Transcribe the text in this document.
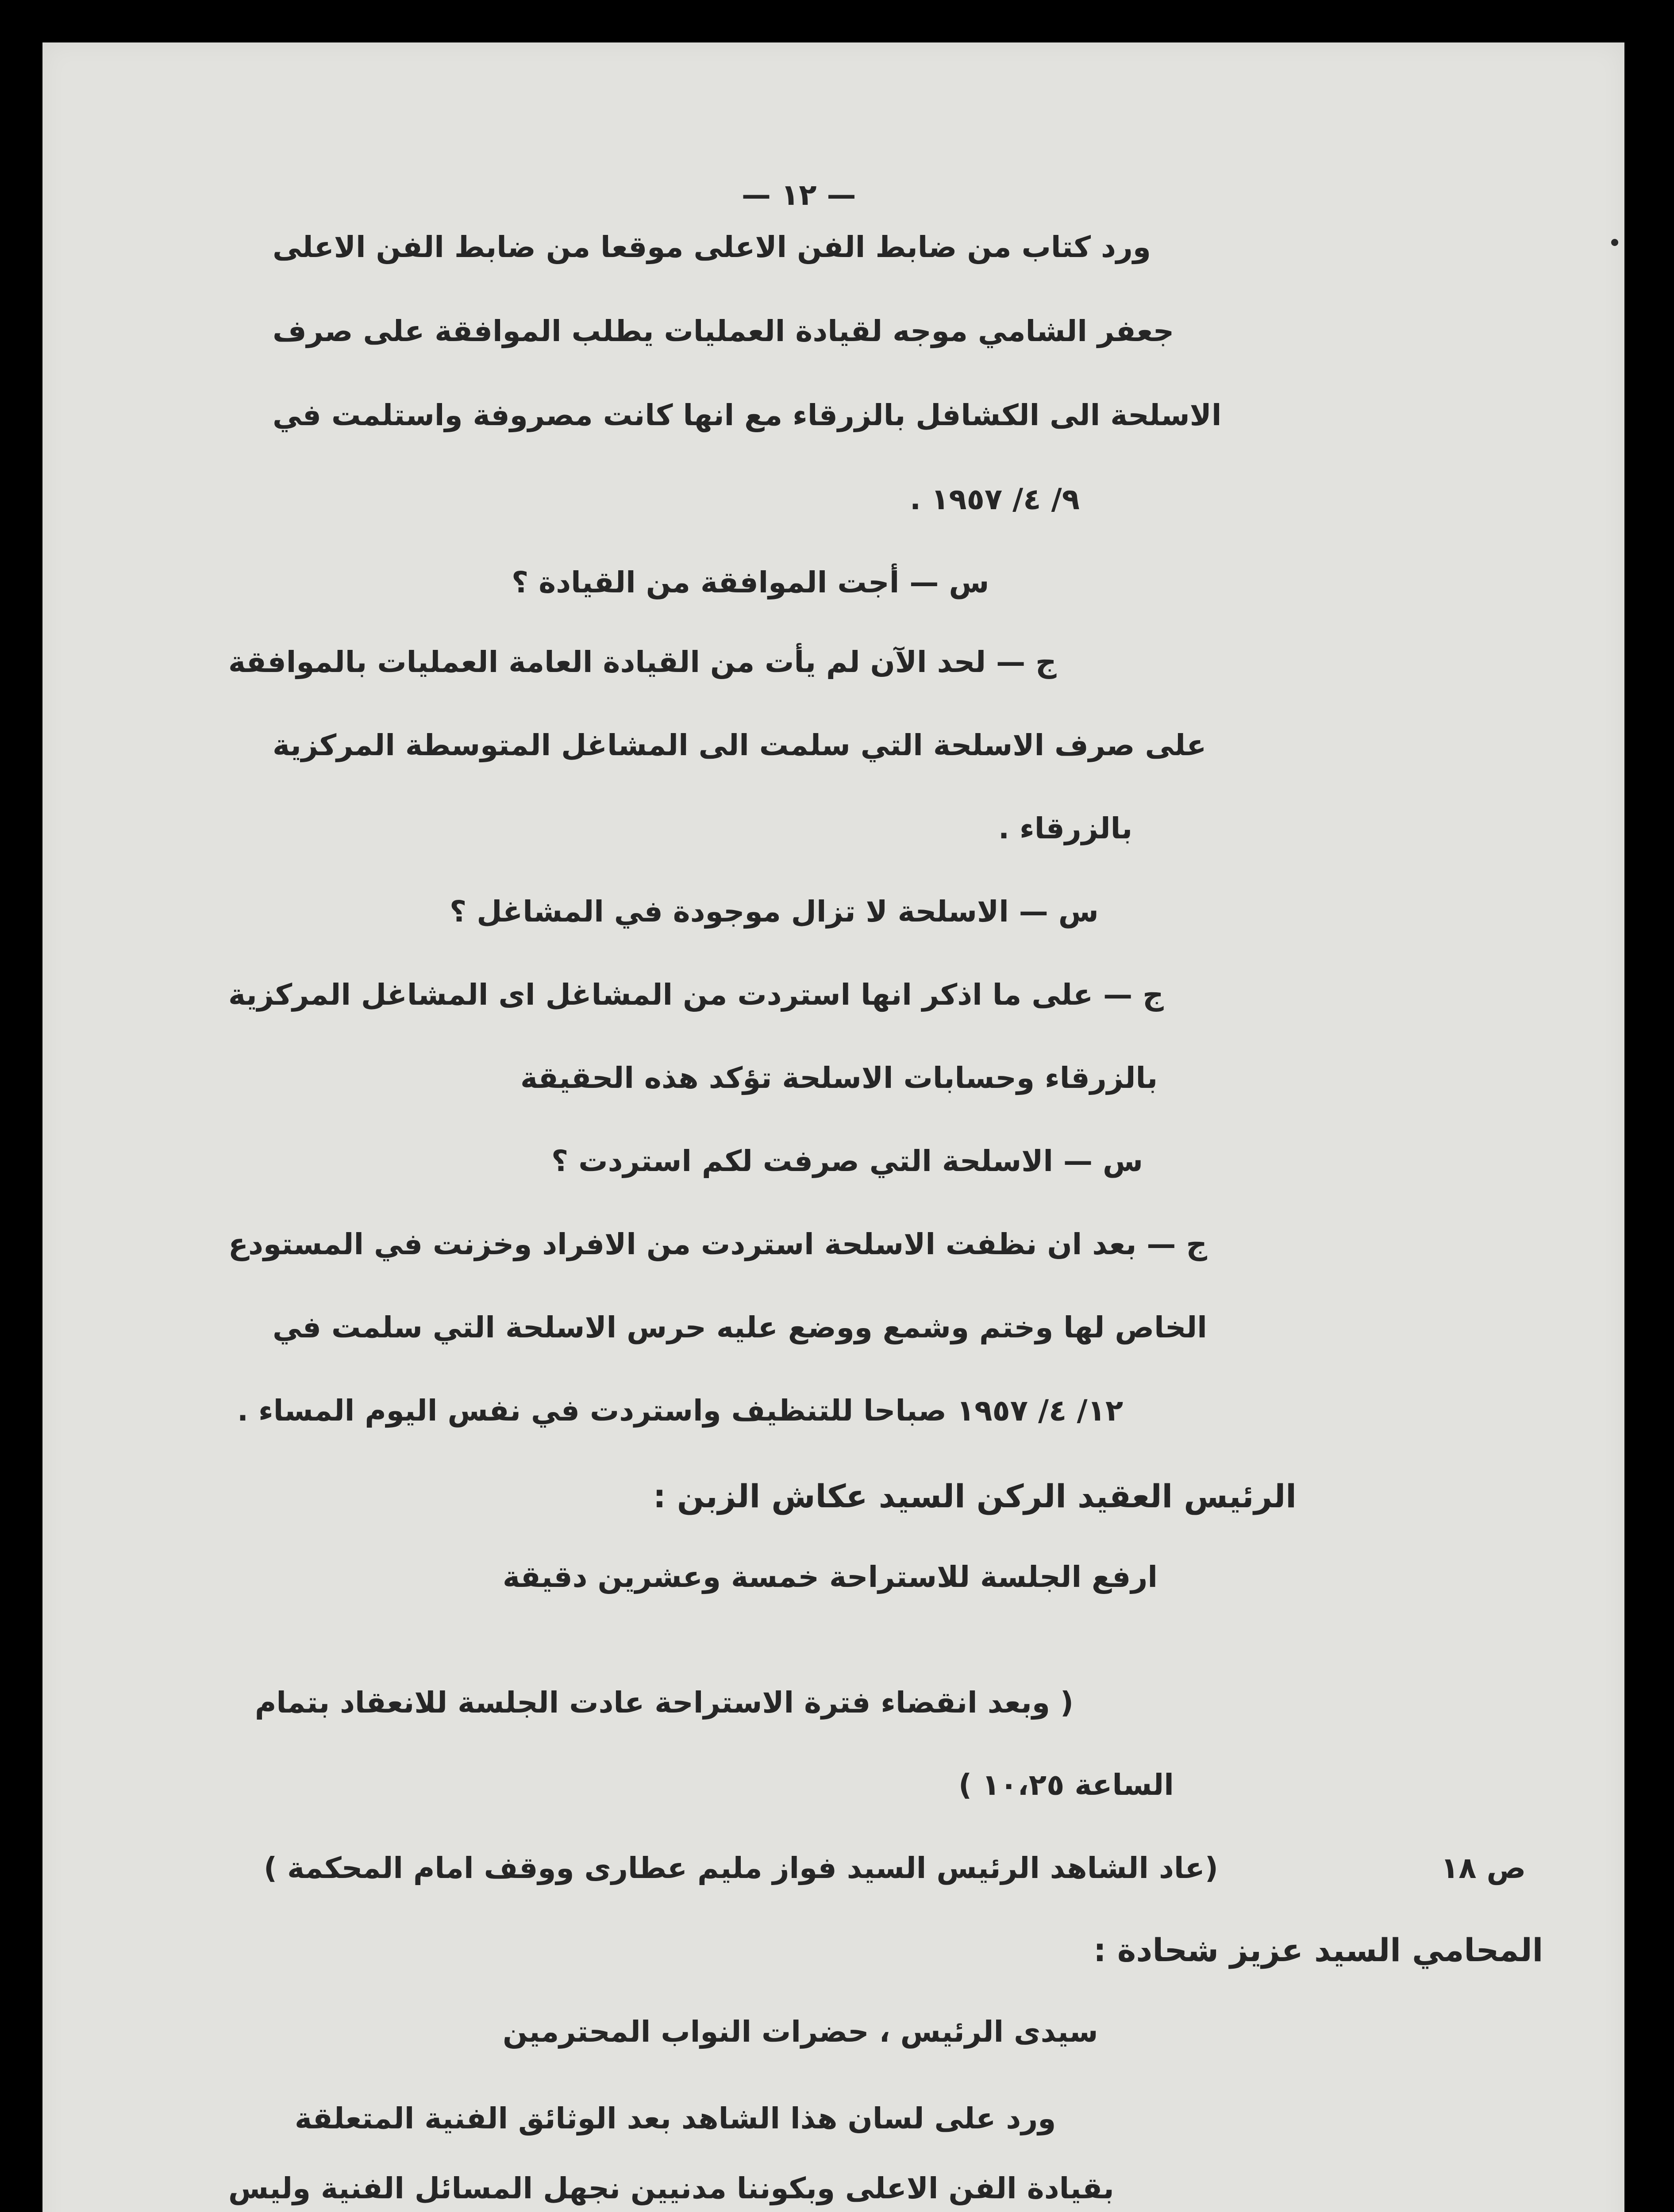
— ١٢ —
ورد كتاب من ضابط الفن الاعلى موقعا من ضابط الفن الاعلى
جعفر الشامي موجه لقيادة العمليات يطلب الموافقة على صرف
الاسلحة الى الكشافل بالزرقاء مع انها كانت مصروفة واستلمت في
٩/ ٤/ ١٩٥٧ .
س — أجت الموافقة من القيادة ؟
ج — لحد الآن لم يأت من القيادة العامة العمليات بالموافقة
على صرف الاسلحة التي سلمت الى المشاغل المتوسطة المركزية
بالزرقاء .
س — الاسلحة لا تزال موجودة في المشاغل ؟
ج — على ما اذكر انها استردت من المشاغل اى المشاغل المركزية
بالزرقاء وحسابات الاسلحة تؤكد هذه الحقيقة
س — الاسلحة التي صرفت لكم استردت ؟
ج — بعد ان نظفت الاسلحة استردت من الافراد وخزنت في المستودع
الخاص لها وختم وشمع ووضع عليه حرس الاسلحة التي سلمت في
١٢/ ٤/ ١٩٥٧ صباحا للتنظيف واستردت في نفس اليوم المساء .
الرئيس العقيد الركن السيد عكاش الزبن :
ارفع الجلسة للاستراحة خمسة وعشرين دقيقة
( وبعد انقضاء فترة الاستراحة عادت الجلسة للانعقاد بتمام
الساعة ١٠،٢٥ )
(عاد الشاهد الرئيس السيد فواز مليم عطارى ووقف امام المحكمة )	ص ١٨
المحامي السيد عزيز شحادة :
سيدى الرئيس ، حضرات النواب المحترمين
ورد على لسان هذا الشاهد بعد الوثائق الفنية المتعلقة
بقيادة الفن الاعلى وبكوننا مدنيين نجهل المسائل الفنية وليس
